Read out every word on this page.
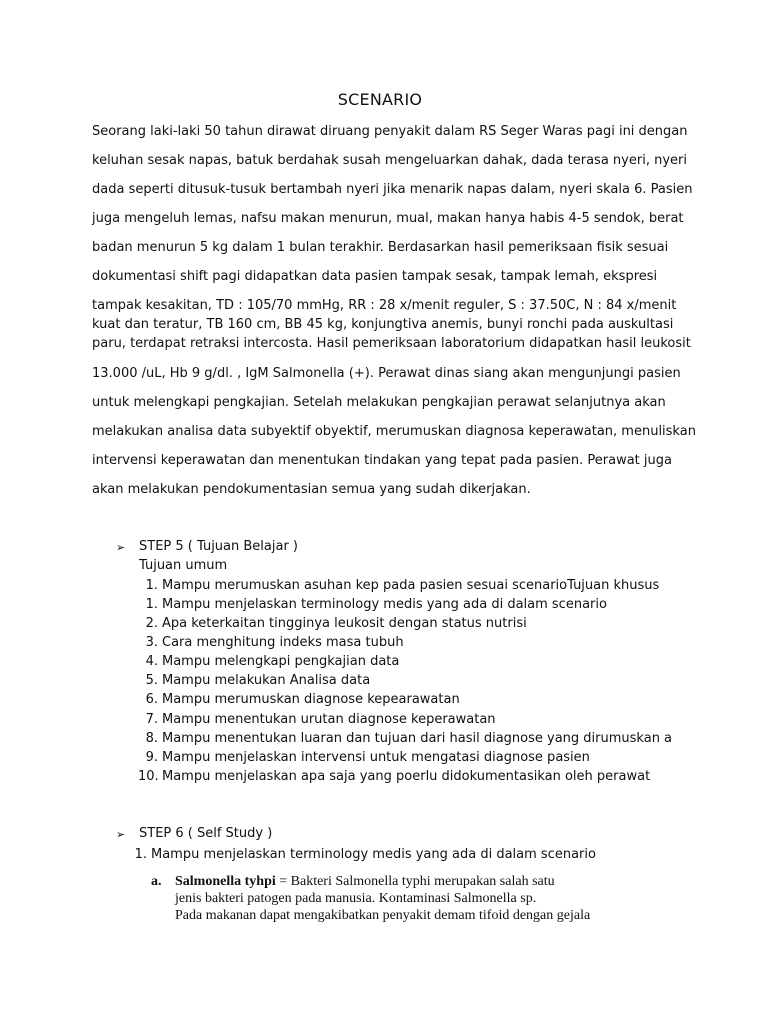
SCENARIO
Seorang laki-laki 50 tahun dirawat diruang penyakit dalam RS Seger Waras pagi ini dengan
keluhan sesak napas, batuk berdahak susah mengeluarkan dahak, dada terasa nyeri, nyeri
dada seperti ditusuk-tusuk bertambah nyeri jika menarik napas dalam, nyeri skala 6. Pasien
juga mengeluh lemas, nafsu makan menurun, mual, makan hanya habis 4-5 sendok, berat
badan menurun 5 kg dalam 1 bulan terakhir. Berdasarkan hasil pemeriksaan fisik sesuai
dokumentasi shift pagi didapatkan data pasien tampak sesak, tampak lemah, ekspresi
tampak kesakitan, TD : 105/70 mmHg, RR : 28 x/menit reguler, S : 37.50C, N : 84 x/menit
kuat dan teratur, TB 160 cm, BB 45 kg, konjungtiva anemis, bunyi ronchi pada auskultasi
paru, terdapat retraksi intercosta. Hasil pemeriksaan laboratorium didapatkan hasil leukosit
13.000 /uL, Hb 9 g/dl. , IgM Salmonella (+). Perawat dinas siang akan mengunjungi pasien
untuk melengkapi pengkajian. Setelah melakukan pengkajian perawat selanjutnya akan
melakukan analisa data subyektif obyektif, merumuskan diagnosa keperawatan, menuliskan
intervensi keperawatan dan menentukan tindakan yang tepat pada pasien. Perawat juga
akan melakukan pendokumentasian semua yang sudah dikerjakan.
➢ STEP 5 ( Tujuan Belajar )
Tujuan umum
1. Mampu merumuskan asuhan kep pada pasien sesuai scenarioTujuan khusus
1. Mampu menjelaskan terminology medis yang ada di dalam scenario
2. Apa keterkaitan tingginya leukosit dengan status nutrisi
3. Cara menghitung indeks masa tubuh
4. Mampu melengkapi pengkajian data
5. Mampu melakukan Analisa data
6. Mampu merumuskan diagnose kepearawatan
7. Mampu menentukan urutan diagnose keperawatan
8. Mampu menentukan luaran dan tujuan dari hasil diagnose yang dirumuskan a
9. Mampu menjelaskan intervensi untuk mengatasi diagnose pasien
10. Mampu menjelaskan apa saja yang poerlu didokumentasikan oleh perawat
➢ STEP 6 ( Self Study )
1. Mampu menjelaskan terminology medis yang ada di dalam scenario
a. Salmonella tyhpi = Bakteri Salmonella typhi merupakan salah satu
jenis bakteri patogen pada manusia. Kontaminasi Salmonella sp.
Pada makanan dapat mengakibatkan penyakit demam tifoid dengan gejala
